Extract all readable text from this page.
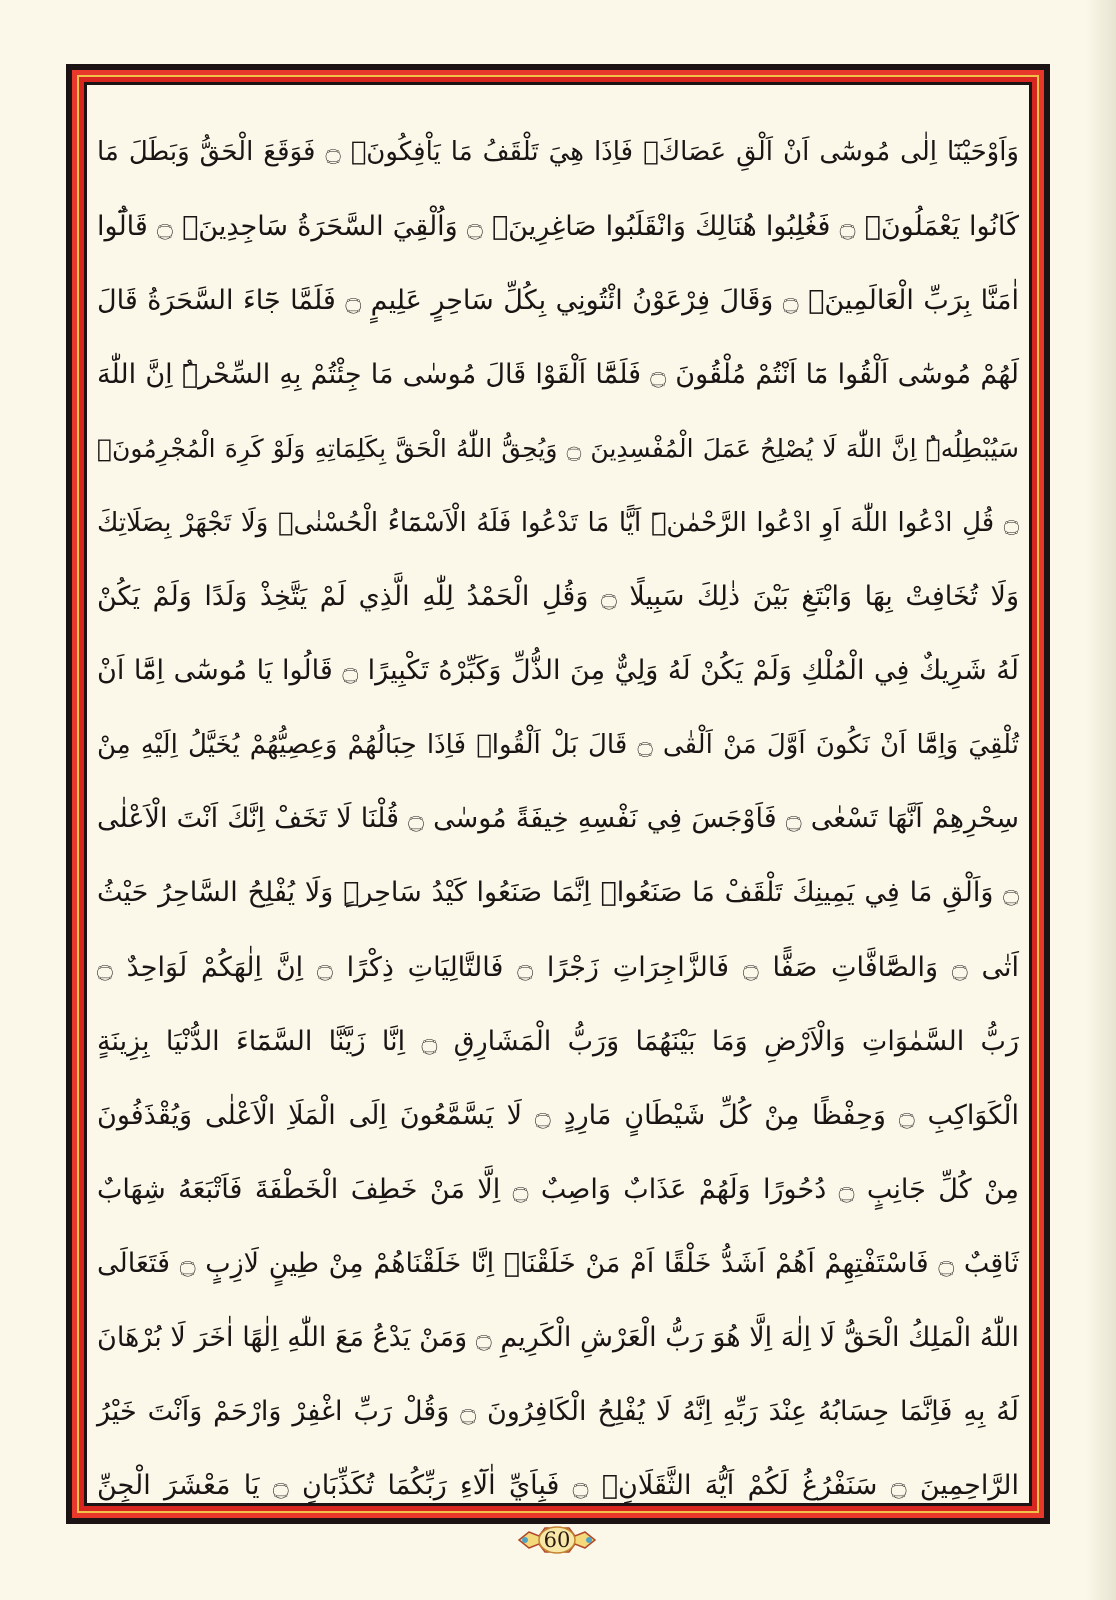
وَاَوْحَيْنَٓا اِلٰى مُوسٰٓى اَنْ اَلْقِ عَصَاكَۚ فَاِذَا هِيَ تَلْقَفُ مَا يَاْفِكُونَۚ ۝ فَوَقَعَ الْحَقُّ وَبَطَلَ مَا
كَانُوا يَعْمَلُونَۚ ۝ فَغُلِبُوا هُنَالِكَ وَانْقَلَبُوا صَاغِرِينَۚ ۝ وَاُلْقِيَ السَّحَرَةُ سَاجِدِينَۚ ۝ قَالُٓوا
اٰمَنَّا بِرَبِّ الْعَالَمِينَۙ ۝ وَقَالَ فِرْعَوْنُ ائْتُونِي بِكُلِّ سَاحِرٍ عَلِيمٍ ۝ فَلَمَّا جَٓاءَ السَّحَرَةُ قَالَ
لَهُمْ مُوسٰٓى اَلْقُوا مَٓا اَنْتُمْ مُلْقُونَ ۝ فَلَمَّٓا اَلْقَوْا قَالَ مُوسٰى مَا جِئْتُمْ بِهِ السِّحْرُۜ اِنَّ اللّٰهَ
سَيُبْطِلُهُۜ اِنَّ اللّٰهَ لَا يُصْلِحُ عَمَلَ الْمُفْسِدِينَ ۝ وَيُحِقُّ اللّٰهُ الْحَقَّ بِكَلِمَاتِهِ وَلَوْ كَرِهَ الْمُجْرِمُونَۚ
۝ قُلِ ادْعُوا اللّٰهَ اَوِ ادْعُوا الرَّحْمٰنَۜ اَيًّا مَا تَدْعُوا فَلَهُ الْاَسْمَٓاءُ الْحُسْنٰىۚ وَلَا تَجْهَرْ بِصَلَاتِكَ
وَلَا تُخَافِتْ بِهَا وَابْتَغِ بَيْنَ ذٰلِكَ سَبِيلًا ۝ وَقُلِ الْحَمْدُ لِلّٰهِ الَّذِي لَمْ يَتَّخِذْ وَلَدًا وَلَمْ يَكُنْ
لَهُ شَرِيكٌ فِي الْمُلْكِ وَلَمْ يَكُنْ لَهُ وَلِيٌّ مِنَ الذُّلِّ وَكَبِّرْهُ تَكْبِيرًا ۝ قَالُوا يَا مُوسٰٓى اِمَّٓا اَنْ
تُلْقِيَ وَاِمَّٓا اَنْ نَكُونَ اَوَّلَ مَنْ اَلْقٰى ۝ قَالَ بَلْ اَلْقُواۚ فَاِذَا حِبَالُهُمْ وَعِصِيُّهُمْ يُخَيَّلُ اِلَيْهِ مِنْ
سِحْرِهِمْ اَنَّهَا تَسْعٰى ۝ فَاَوْجَسَ فِي نَفْسِهِ خِيفَةً مُوسٰى ۝ قُلْنَا لَا تَخَفْ اِنَّكَ اَنْتَ الْاَعْلٰى
۝ وَاَلْقِ مَا فِي يَمِينِكَ تَلْقَفْ مَا صَنَعُواۜ اِنَّمَا صَنَعُوا كَيْدُ سَاحِرٍۜ وَلَا يُفْلِحُ السَّاحِرُ حَيْثُ
اَتٰى ۝ وَالصَّٓافَّاتِ صَفًّا ۝ فَالزَّاجِرَاتِ زَجْرًا ۝ فَالتَّالِيَاتِ ذِكْرًا ۝ اِنَّ اِلٰهَكُمْ لَوَاحِدٌ ۝
رَبُّ السَّمٰوَاتِ وَالْاَرْضِ وَمَا بَيْنَهُمَا وَرَبُّ الْمَشَارِقِ ۝ اِنَّا زَيَّنَّا السَّمَٓاءَ الدُّنْيَا بِزِينَةٍ
الْكَوَاكِبِ ۝ وَحِفْظًا مِنْ كُلِّ شَيْطَانٍ مَارِدٍ ۝ لَا يَسَّمَّعُونَ اِلَى الْمَلَاِ الْاَعْلٰى وَيُقْذَفُونَ
مِنْ كُلِّ جَانِبٍ ۝ دُحُورًا وَلَهُمْ عَذَابٌ وَاصِبٌ ۝ اِلَّا مَنْ خَطِفَ الْخَطْفَةَ فَاَتْبَعَهُ شِهَابٌ
ثَاقِبٌ ۝ فَاسْتَفْتِهِمْ اَهُمْ اَشَدُّ خَلْقًا اَمْ مَنْ خَلَقْنَاۜ اِنَّا خَلَقْنَاهُمْ مِنْ طِينٍ لَازِبٍ ۝ فَتَعَالَى
اللّٰهُ الْمَلِكُ الْحَقُّ لَا اِلٰهَ اِلَّا هُوَ رَبُّ الْعَرْشِ الْكَرِيمِ ۝ وَمَنْ يَدْعُ مَعَ اللّٰهِ اِلٰهًا اٰخَرَ لَا بُرْهَانَ
لَهُ بِهِ فَاِنَّمَا حِسَابُهُ عِنْدَ رَبِّهِ اِنَّهُ لَا يُفْلِحُ الْكَافِرُونَ ۝ وَقُلْ رَبِّ اغْفِرْ وَارْحَمْ وَاَنْتَ خَيْرُ
الرَّاحِمِينَ ۝ سَنَفْرُغُ لَكُمْ اَيُّهَ الثَّقَلَانِۚ ۝ فَبِاَيِّ اٰلَٓاءِ رَبِّكُمَا تُكَذِّبَانِ ۝ يَا مَعْشَرَ الْجِنِّ
60
